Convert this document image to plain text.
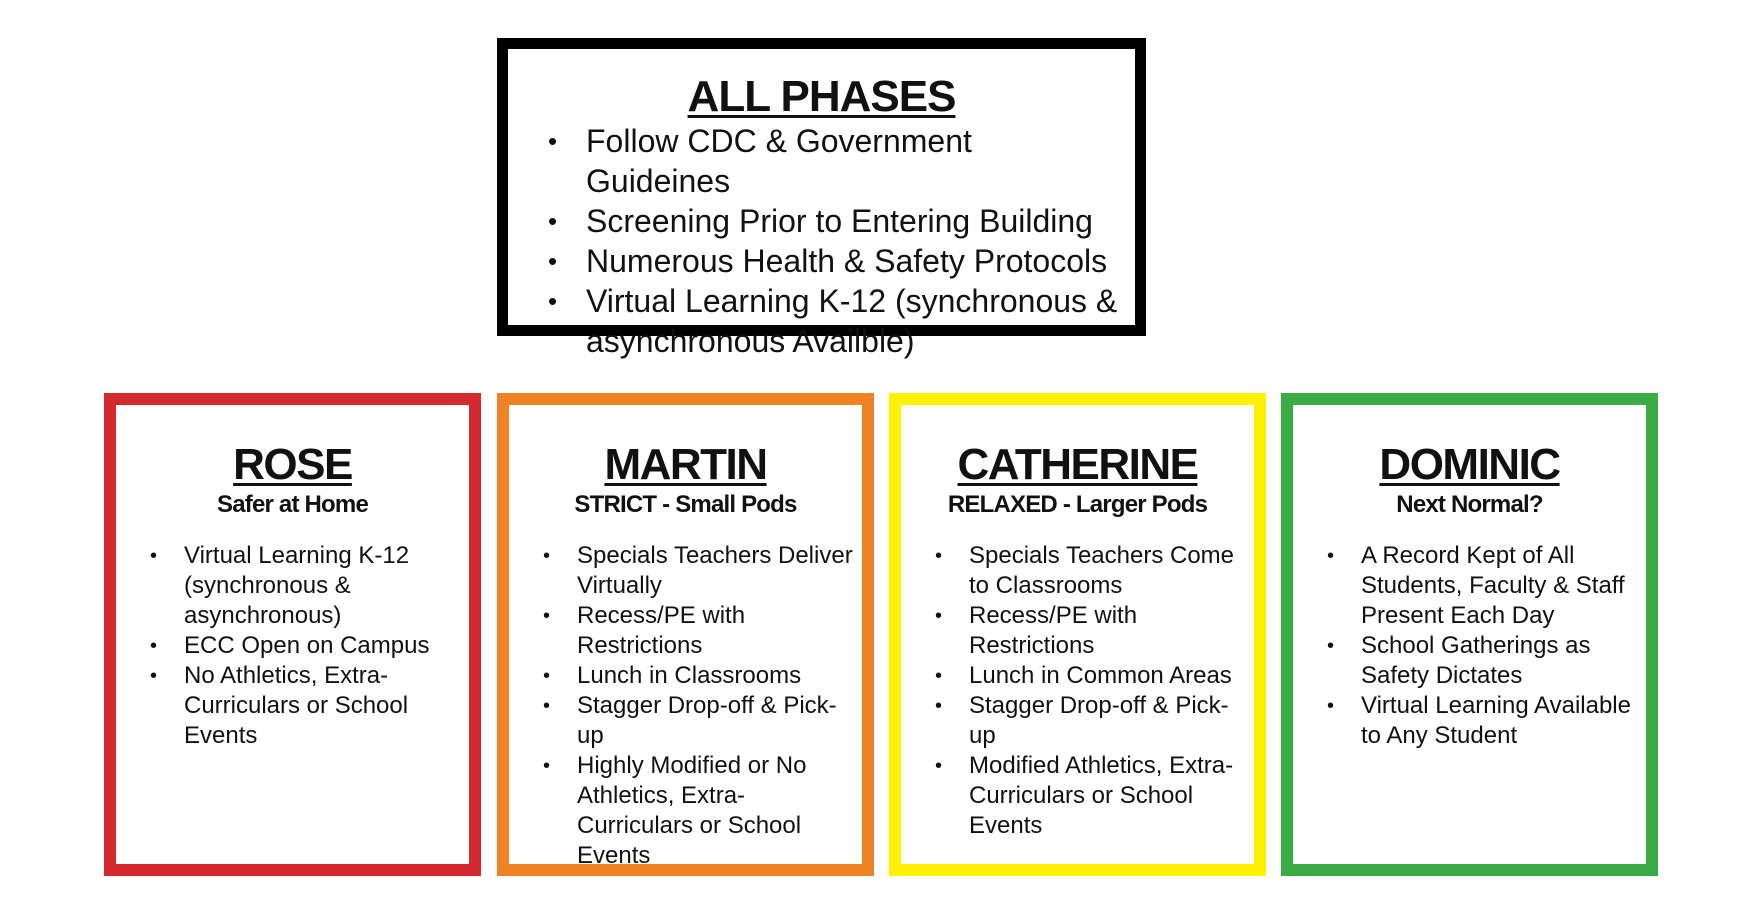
ALL PHASES
• Follow CDC & Government Guideines
• Screening Prior to Entering Building
• Numerous Health & Safety Protocols
• Virtual Learning K-12 (synchronous & asynchronous Availble)
ROSE
Safer at Home
• Virtual Learning K-12 (synchronous & asynchronous)
• ECC Open on Campus
• No Athletics, Extra-Curriculars or School Events
MARTIN
STRICT - Small Pods
• Specials Teachers Deliver Virtually
• Recess/PE with Restrictions
• Lunch in Classrooms
• Stagger Drop-off & Pick-up
• Highly Modified or No Athletics, Extra-Curriculars or School Events
CATHERINE
RELAXED - Larger Pods
• Specials Teachers Come to Classrooms
• Recess/PE with Restrictions
• Lunch in Common Areas
• Stagger Drop-off & Pick-up
• Modified Athletics, Extra-Curriculars or School Events
DOMINIC
Next Normal?
• A Record Kept of All Students, Faculty & Staff Present Each Day
• School Gatherings as Safety Dictates
• Virtual Learning Available to Any Student
